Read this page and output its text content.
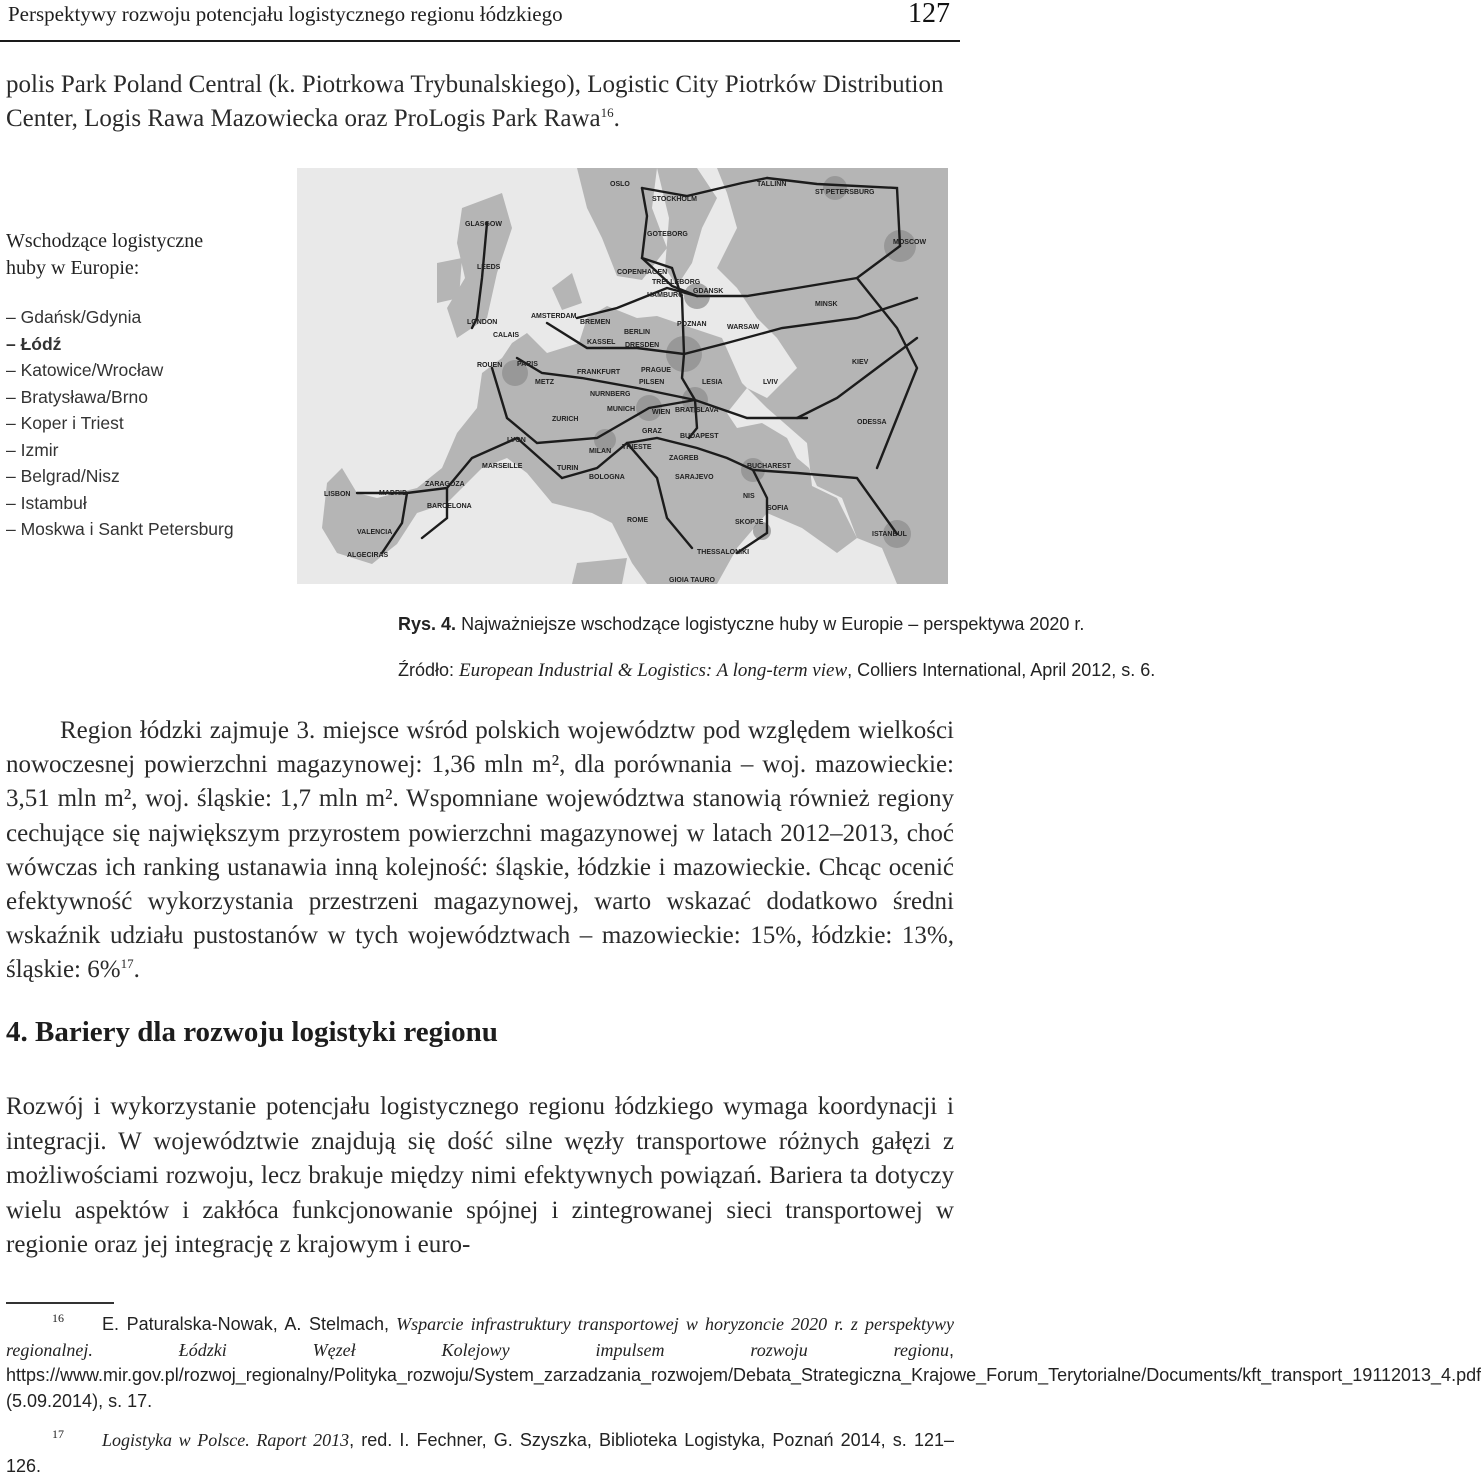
Perspektywy rozwoju potencjału logistycznego regionu łódzkiego	127
polis Park Poland Central (k. Piotrkowa Trybunalskiego), Logistic City Piotrków Distribution Center, Logis Rawa Mazowiecka oraz ProLogis Park Rawa$^{16}$.
Wschodzące logistyczne
huby w Europie:
– Gdańsk/Gdynia
– Łódź
– Katowice/Wrocław
– Bratysława/Brno
– Koper i Triest
– Izmir
– Belgrad/Nisz
– Istambuł
– Moskwa i Sankt Petersburg
OSLO
STOCKHOLM
TALLINN
ST PETERSBURG
GLASGOW
GOTEBORG
MOSCOW
LEEDS
COPENHAGEN
TRELLEBORG
HAMBURG
GDANSK
MINSK
LONDON
AMSTERDAM
BREMEN
BERLIN
POZNAN	WARSAW
KASSEL DRESDEN
CALAIS
ROUEN PARIS
METZ
PRAGUE
FRANKFURT
PILSEN	LESIA	LVIV
KIEV
NURNBERG
MUNICH WIEN BRATISLAVA
ZURICH
LYON
GRAZ
BUDAPEST
ODESSA
MILAN
TRIESTE
ZAGREB
MARSEILLE	TURIN	BUCHAREST
BOLOGNA	SARAJEVO
LISBON	MADRID
ZARAGOZA
BARCELONA
ROME
NIS
SOFIA
SKOPJE
ISTANBUL
VALENCIA
ALGECIRAS	THESSALONIKI
GIOIA TAURO
Rys. 4. Najważniejsze wschodzące logistyczne huby w Europie – perspektywa 2020 r.
Źródło: European Industrial & Logistics: A long-term view, Colliers International, April 2012, s. 6.
Region łódzki zajmuje 3. miejsce wśród polskich województw pod względem wielkości nowoczesnej powierzchni magazynowej: 1,36 mln m², dla porównania – woj. mazowieckie: 3,51 mln m², woj. śląskie: 1,7 mln m². Wspomniane województwa stanowią również regiony cechujące się największym przyrostem powierzchni magazynowej w latach 2012–2013, choć wówczas ich ranking ustanawia inną kolejność: śląskie, łódzkie i mazowieckie. Chcąc ocenić efektywność wykorzystania przestrzeni magazynowej, warto wskazać dodatkowo średni wskaźnik udziału pustostanów w tych województwach – mazowieckie: 15%, łódzkie: 13%, śląskie: 6%$^{17}$.
4. Bariery dla rozwoju logistyki regionu
Rozwój i wykorzystanie potencjału logistycznego regionu łódzkiego wymaga koordynacji i integracji. W województwie znajdują się dość silne węzły transportowe różnych gałęzi z możliwościami rozwoju, lecz brakuje między nimi efektywnych powiązań. Bariera ta dotyczy wielu aspektów i zakłóca funkcjonowanie spójnej i zintegrowanej sieci transportowej w regionie oraz jej integrację z krajowym i euro-
$^{16}$ E. Paturalska-Nowak, A. Stelmach, Wsparcie infrastruktury transportowej w horyzoncie 2020 r. z perspektywy regionalnej. Łódzki Węzeł Kolejowy impulsem rozwoju regionu, https://www.mir.gov.pl/rozwoj_regionalny/Polityka_rozwoju/System_zarzadzania_rozwojem/Debata_Strategiczna_Krajowe_Forum_Terytorialne/Documents/kft_transport_19112013_4.pdf (5.09.2014), s. 17.
$^{17}$ Logistyka w Polsce. Raport 2013, red. I. Fechner, G. Szyszka, Biblioteka Logistyka, Poznań 2014, s. 121–126.
